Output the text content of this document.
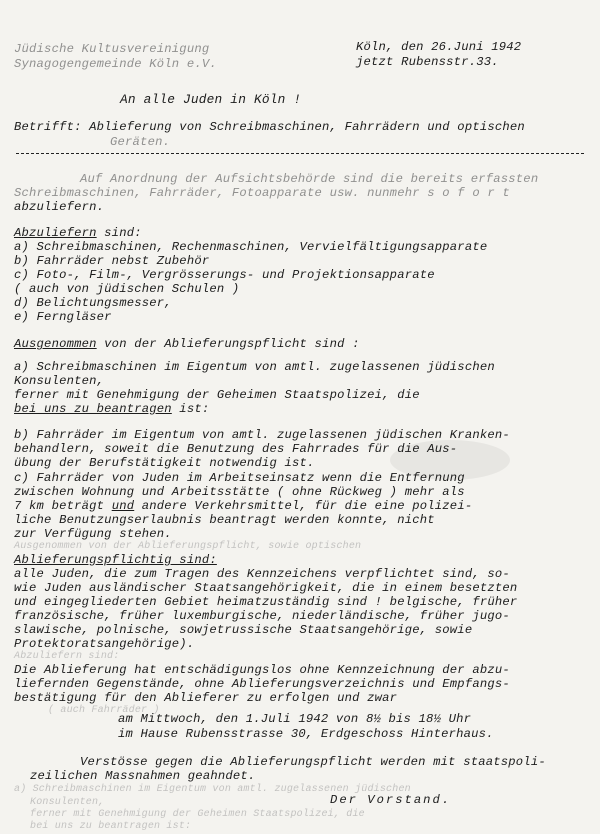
Jüdische Kultusvereinigung
Synagogengemeinde Köln e.V.
Köln, den 26.Juni 1942
jetzt Rubensstr.33.
An alle Juden in Köln !
Betrifft: Ablieferung von Schreibmaschinen, Fahrrädern und optischen
Geräten.
Auf Anordnung der Aufsichtsbehörde sind die bereits erfassten
Schreibmaschinen, Fahrräder, Fotoapparate usw. nunmehr s o f o r t
abzuliefern.
Abzuliefern sind:
a) Schreibmaschinen, Rechenmaschinen, Vervielfältigungsapparate
b) Fahrräder nebst Zubehör
c) Foto-, Film-, Vergrösserungs- und Projektionsapparate
( auch von jüdischen Schulen )
d) Belichtungsmesser,
e) Ferngläser
Ausgenommen von der Ablieferungspflicht sind :
a) Schreibmaschinen im Eigentum von amtl. zugelassenen jüdischen
Konsulenten,
ferner mit Genehmigung der Geheimen Staatspolizei, die
bei uns zu beantragen ist:
b) Fahrräder im Eigentum von amtl. zugelassenen jüdischen Kranken-
behandlern, soweit die Benutzung des Fahrrades für die Aus-
übung der Berufstätigkeit notwendig ist.
c) Fahrräder von Juden im Arbeitseinsatz wenn die Entfernung
zwischen Wohnung und Arbeitsstätte ( ohne Rückweg ) mehr als
7 km beträgt und andere Verkehrsmittel, für die eine polizei-
liche Benutzungserlaubnis beantragt werden konnte, nicht
zur Verfügung stehen.
Ausgenommen von der Ablieferungspflicht, sowie optischen
Ablieferungspflichtig sind:
alle Juden, die zum Tragen des Kennzeichens verpflichtet sind, so-
wie Juden ausländischer Staatsangehörigkeit, die in einem besetzten
und eingegliederten Gebiet heimatzuständig sind ! belgische, früher
französische, früher luxemburgische, niederländische, früher jugo-
slawische, polnische, sowjetrussische Staatsangehörige, sowie
Protektoratsangehörige).
Abzuliefern sind:
Die Ablieferung hat entschädigungslos ohne Kennzeichnung der abzu-
liefernden Gegenstände, ohne Ablieferungsverzeichnis und Empfangs-
bestätigung für den Ablieferer zu erfolgen und zwar
( auch Fahrräder )
am Mittwoch, den 1.Juli 1942 von 8½ bis 18½ Uhr
im Hause Rubensstrasse 30, Erdgeschoss Hinterhaus.
Verstösse gegen die Ablieferungspflicht werden mit staatspoli-
zeilichen Massnahmen geahndet.
a) Schreibmaschinen im Eigentum von amtl. zugelassenen jüdischen
Konsulenten,	Der Vorstand.
ferner mit Genehmigung der Geheimen Staatspolizei, die
bei uns zu beantragen ist:
